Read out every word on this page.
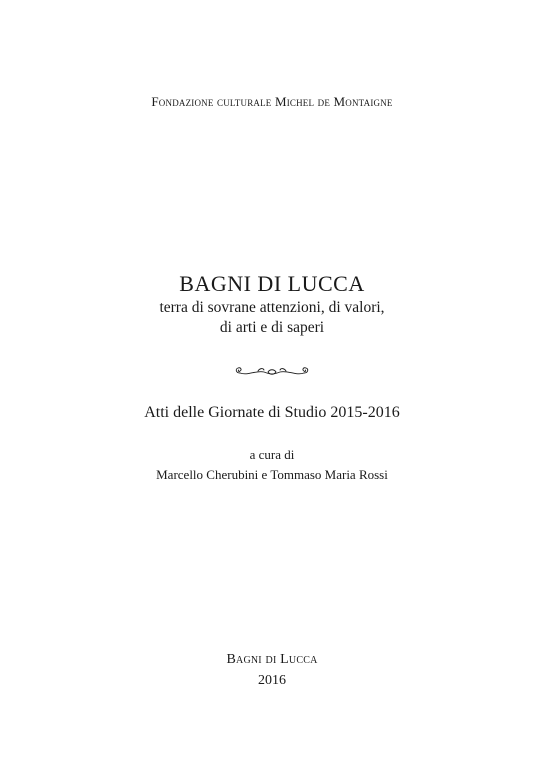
Fondazione culturale Michel de Montaigne
BAGNI DI LUCCA
terra di sovrane attenzioni, di valori,
di arti e di saperi
Atti delle Giornate di Studio 2015-2016
a cura di
Marcello Cherubini e Tommaso Maria Rossi
Bagni di Lucca
2016
